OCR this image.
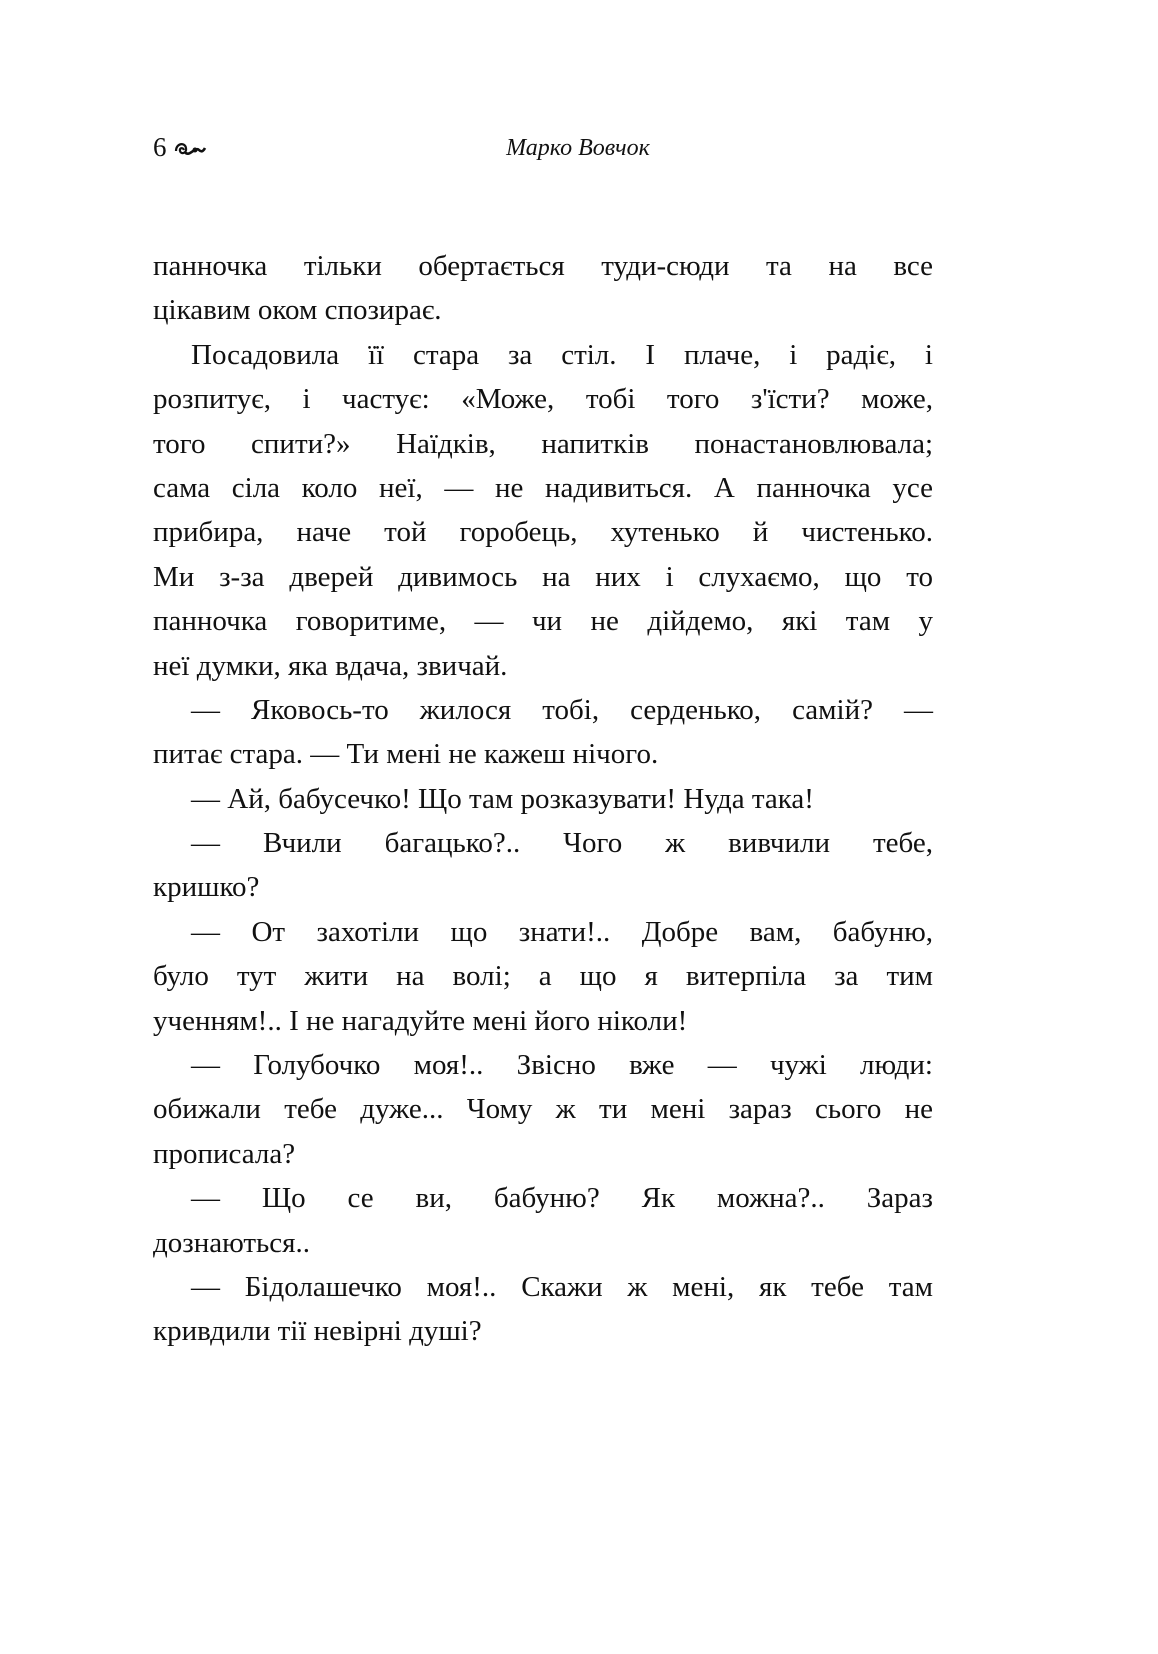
6	Марко Вовчок
панночка тільки обертається туди-сюди та на все
цікавим оком спозирає.
Посадовила її стара за стіл. І плаче, і радіє, і
розпитує, і частує: «Може, тобі того з'їсти? може,
того спити?» Наїдків, напитків понастановлювала;
сама сіла коло неї, — не надивиться. А панночка усе
прибира, наче той горобець, хутенько й чистенько.
Ми з-за дверей дивимось на них і слухаємо, що то
панночка говоритиме, — чи не дійдемо, які там у
неї думки, яка вдача, звичай.
— Яковось-то жилося тобі, серденько, самій? —
питає стара. — Ти мені не кажеш нічого.
— Ай, бабусечко! Що там розказувати! Нуда така!
— Вчили багацько?.. Чого ж вивчили тебе,
кришко?
— От захотіли що знати!.. Добре вам, бабуню,
було тут жити на волі; а що я витерпіла за тим
ученням!.. І не нагадуйте мені його ніколи!
— Голубочко моя!.. Звісно вже — чужі люди:
обижали тебе дуже... Чому ж ти мені зараз сього не
прописала?
— Що се ви, бабуню? Як можна?.. Зараз
дознаються..
— Бідолашечко моя!.. Скажи ж мені, як тебе там
кривдили тії невірні душі?
